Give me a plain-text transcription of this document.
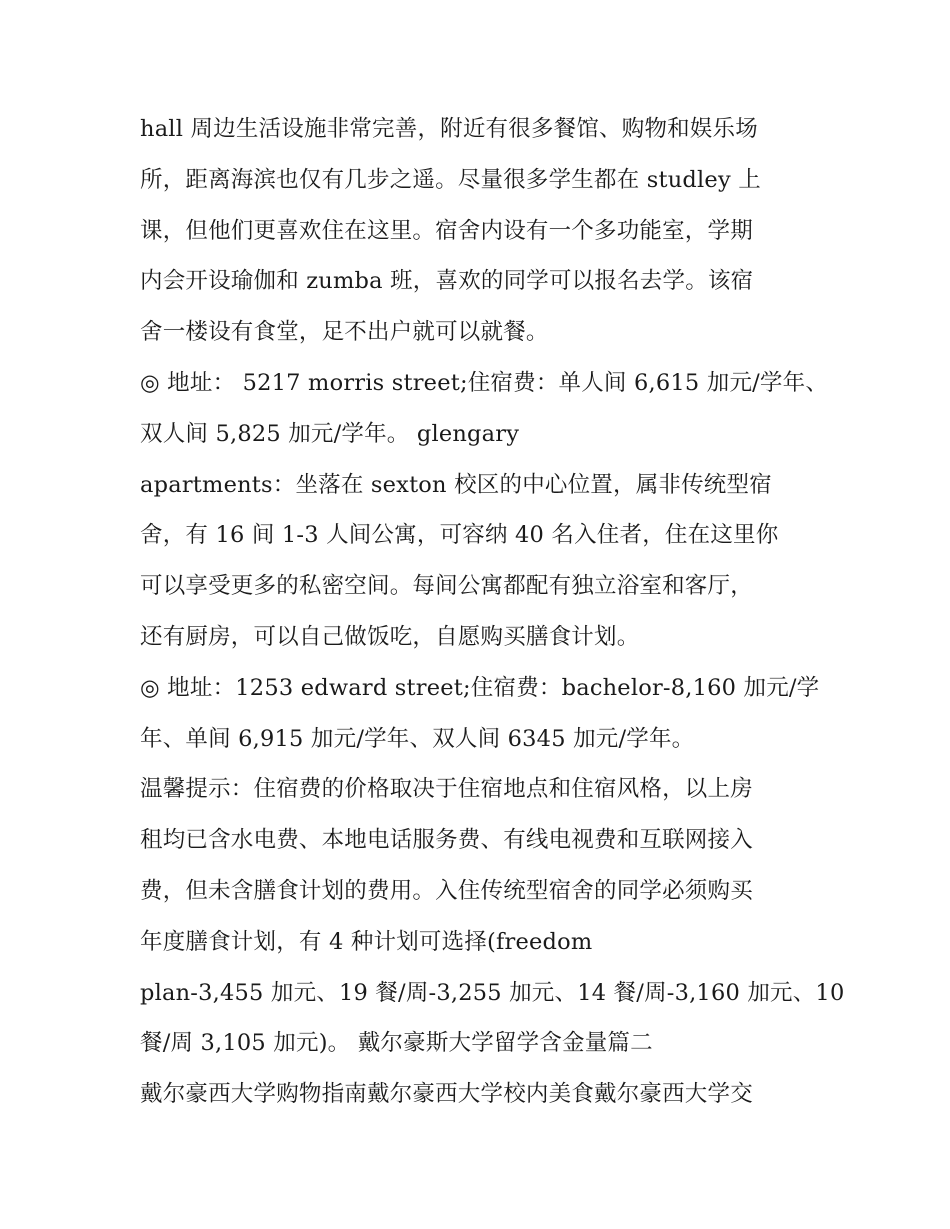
hall 周边生活设施非常完善，附近有很多餐馆、购物和娱乐场
所，距离海滨也仅有几步之遥。尽量很多学生都在 studley 上
课，但他们更喜欢住在这里。宿舍内设有一个多功能室，学期
内会开设瑜伽和 zumba 班，喜欢的同学可以报名去学。该宿
舍一楼设有食堂，足不出户就可以就餐。
◎ 地址： 5217 morris street;住宿费：单人间 6,615 加元/学年、
双人间 5,825 加元/学年。 glengary
apartments：坐落在 sexton 校区的中心位置，属非传统型宿
舍，有 16 间 1-3 人间公寓，可容纳 40 名入住者，住在这里你
可以享受更多的私密空间。每间公寓都配有独立浴室和客厅，
还有厨房，可以自己做饭吃，自愿购买膳食计划。
◎ 地址：1253 edward street;住宿费：bachelor-8,160 加元/学
年、单间 6,915 加元/学年、双人间 6345 加元/学年。
温馨提示：住宿费的价格取决于住宿地点和住宿风格，以上房
租均已含水电费、本地电话服务费、有线电视费和互联网接入
费，但未含膳食计划的费用。入住传统型宿舍的同学必须购买
年度膳食计划，有 4 种计划可选择(freedom
plan-3,455 加元、19 餐/周-3,255 加元、14 餐/周-3,160 加元、10
餐/周 3,105 加元)。 戴尔豪斯大学留学含金量篇二
戴尔豪西大学购物指南戴尔豪西大学校内美食戴尔豪西大学交
